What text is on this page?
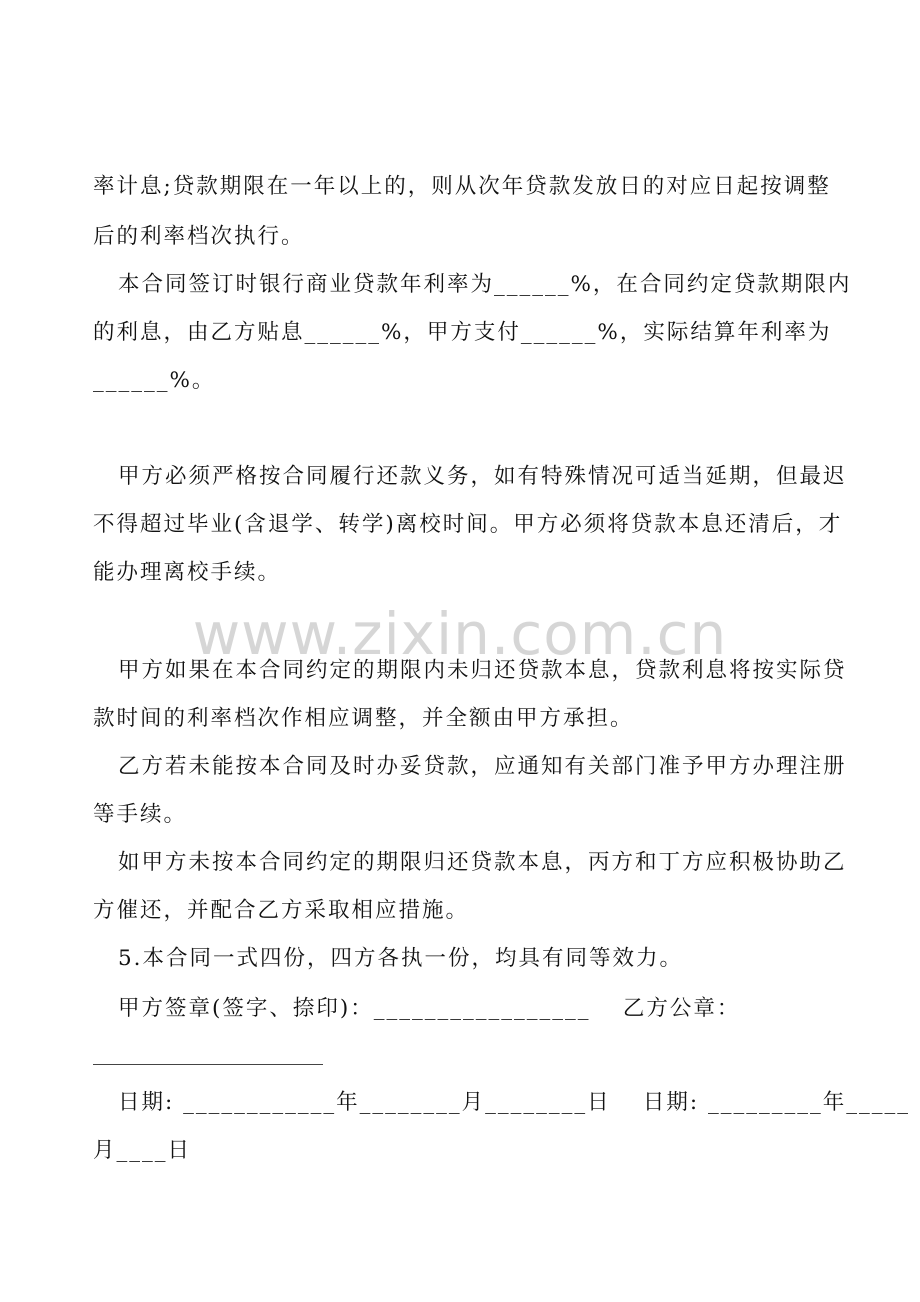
率计息;贷款期限在一年以上的，则从次年贷款发放日的对应日起按调整
后的利率档次执行。
本合同签订时银行商业贷款年利率为______%，在合同约定贷款期限内
的利息，由乙方贴息______%，甲方支付______%，实际结算年利率为
______%。
甲方必须严格按合同履行还款义务，如有特殊情况可适当延期，但最迟
不得超过毕业(含退学、转学)离校时间。甲方必须将贷款本息还清后，才
能办理离校手续。
www.zixin.com.cn
甲方如果在本合同约定的期限内未归还贷款本息，贷款利息将按实际贷
款时间的利率档次作相应调整，并全额由甲方承担。
乙方若未能按本合同及时办妥贷款，应通知有关部门准予甲方办理注册
等手续。
如甲方未按本合同约定的期限归还贷款本息，丙方和丁方应积极协助乙
方催还，并配合乙方采取相应措施。
5.本合同一式四份，四方各执一份，均具有同等效力。
甲方签章(签字、捺印)：_________________　 乙方公章：
日期: ____________年________月________日　 日期: _________年_____
月____日
